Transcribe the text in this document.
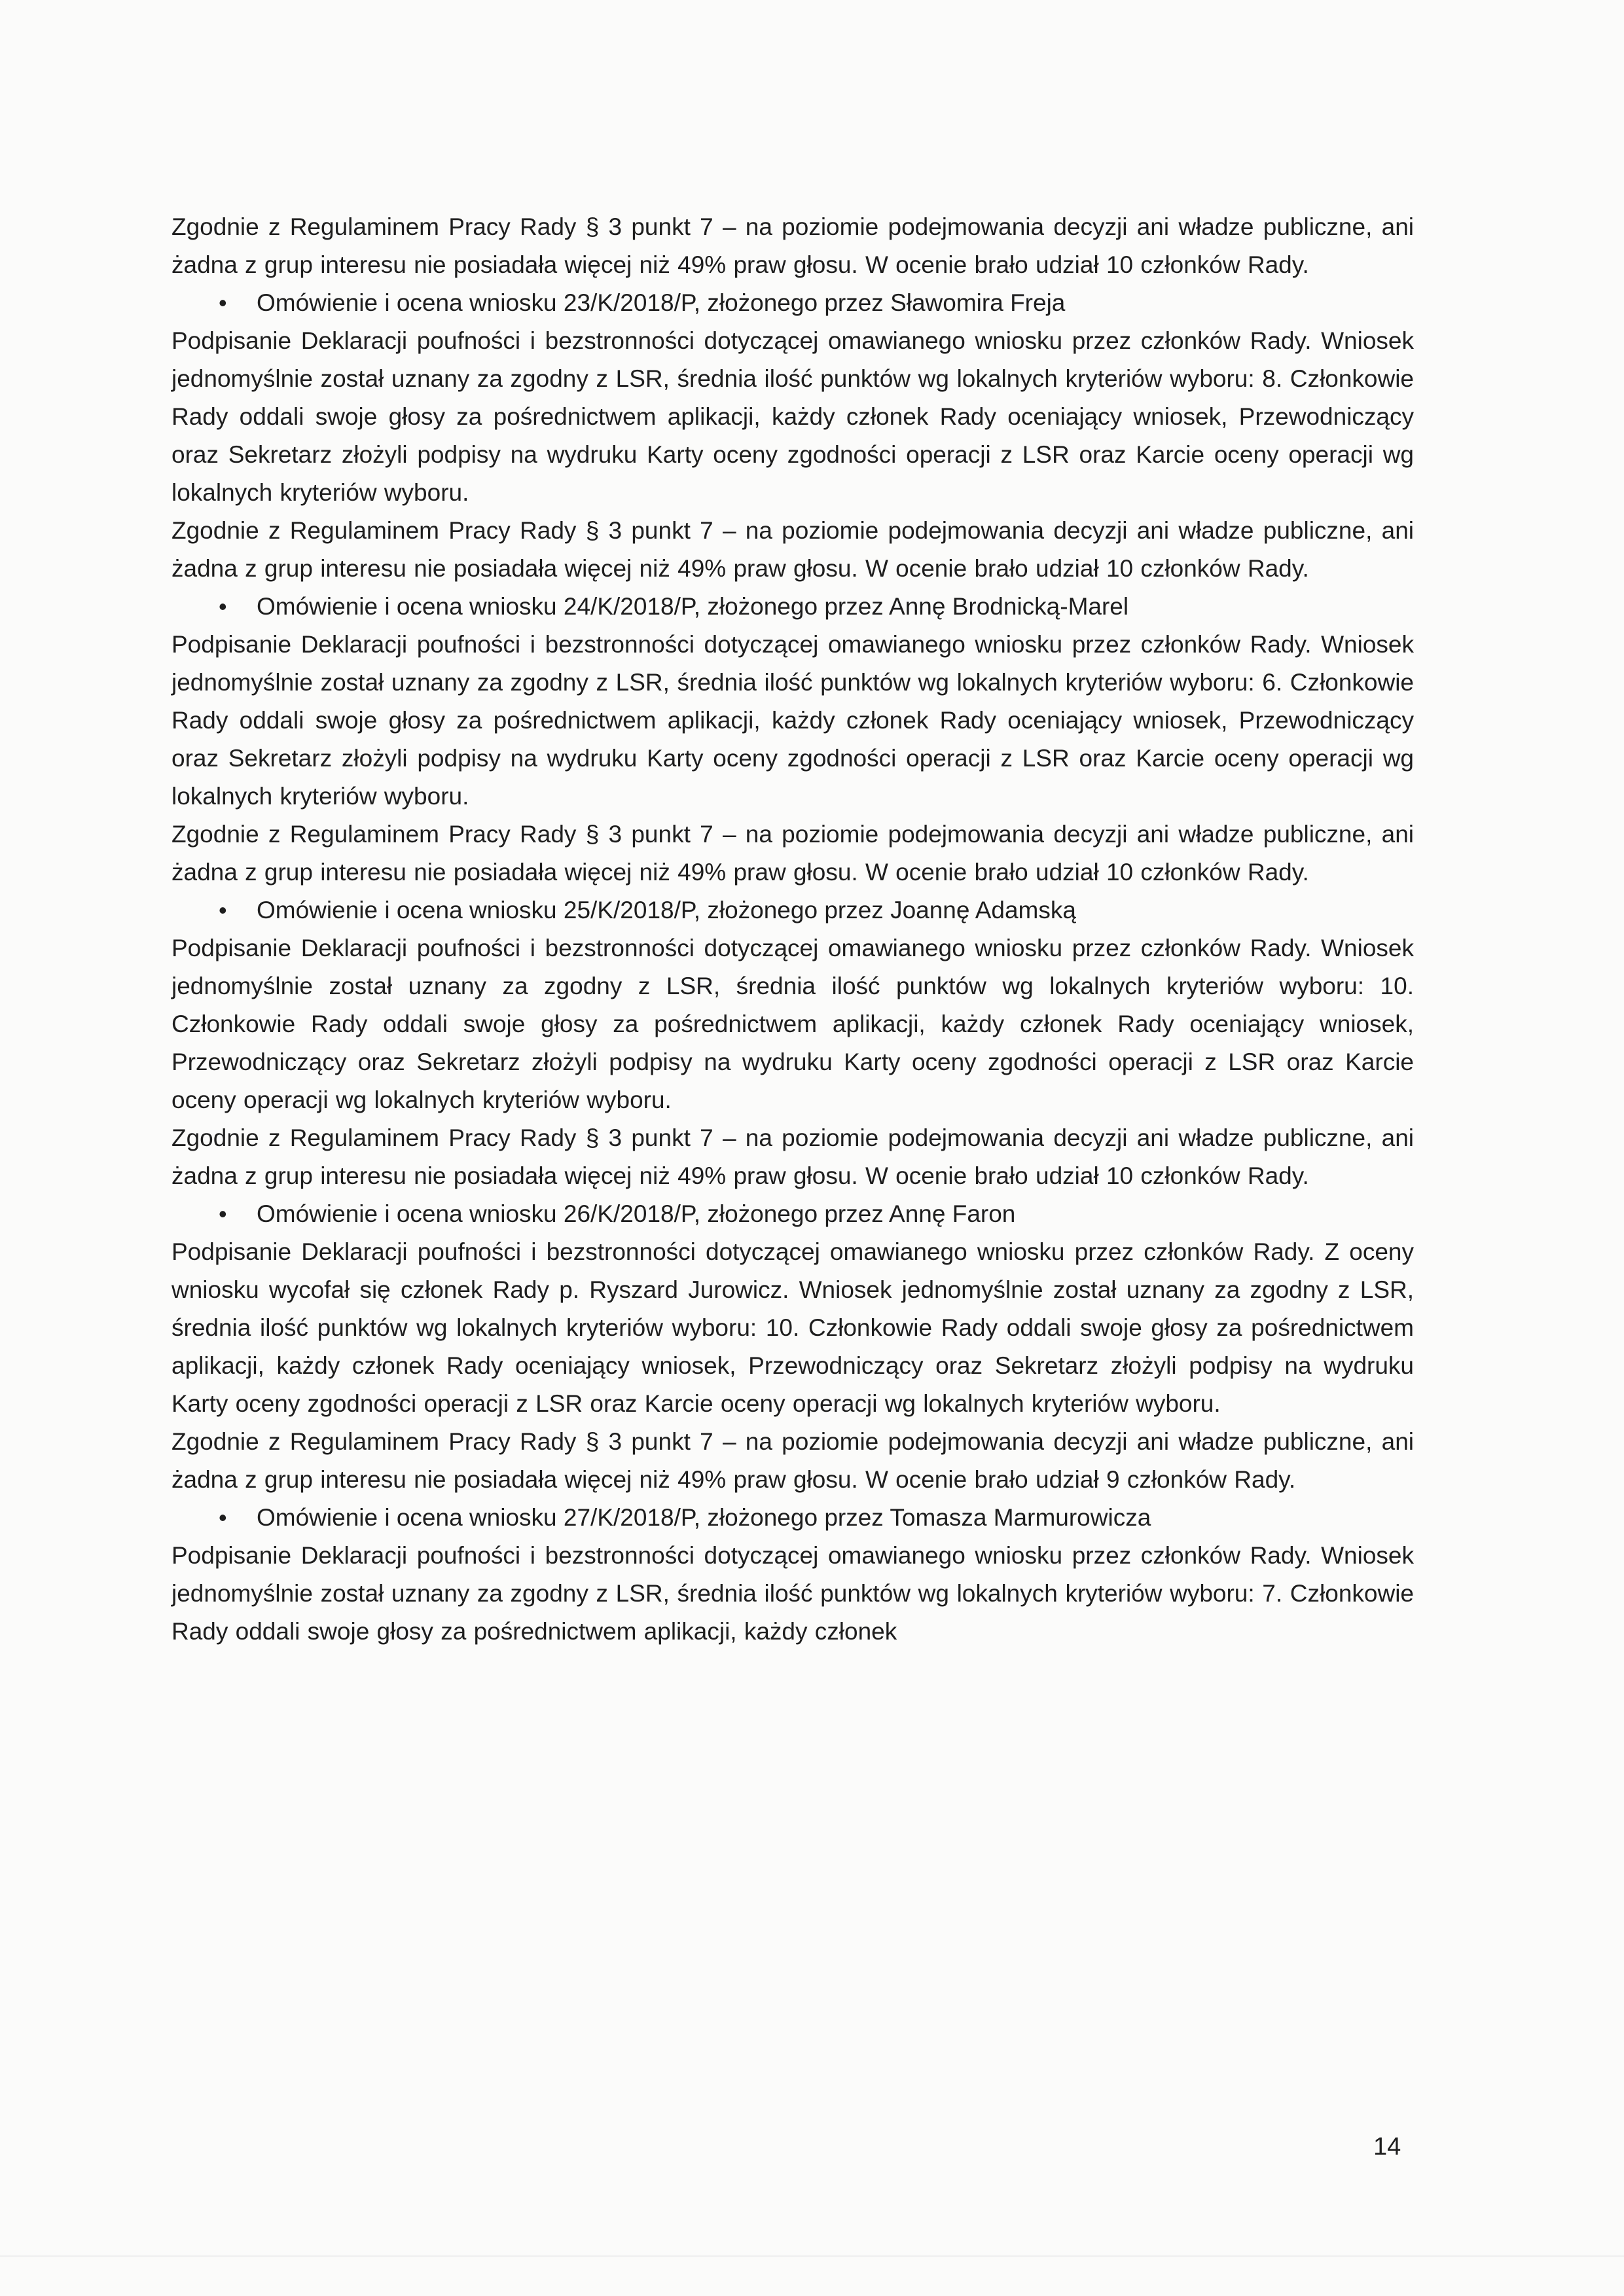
Zgodnie z Regulaminem Pracy Rady § 3 punkt 7 – na poziomie podejmowania decyzji ani władze publiczne, ani żadna z grup interesu nie posiadała więcej niż 49% praw głosu. W ocenie brało udział 10 członków Rady.

•	Omówienie i ocena wniosku 23/K/2018/P, złożonego przez Sławomira Freja

Podpisanie Deklaracji poufności i bezstronności dotyczącej omawianego wniosku przez członków Rady. Wniosek jednomyślnie został uznany za zgodny z LSR, średnia ilość punktów wg lokalnych kryteriów wyboru: 8. Członkowie Rady oddali swoje głosy za pośrednictwem aplikacji, każdy członek Rady oceniający wniosek, Przewodniczący oraz Sekretarz złożyli podpisy na wydruku Karty oceny zgodności operacji z LSR oraz Karcie oceny operacji wg lokalnych kryteriów wyboru.

Zgodnie z Regulaminem Pracy Rady § 3 punkt 7 – na poziomie podejmowania decyzji ani władze publiczne, ani żadna z grup interesu nie posiadała więcej niż 49% praw głosu. W ocenie brało udział 10 członków Rady.

•	Omówienie i ocena wniosku 24/K/2018/P, złożonego przez Annę Brodnicką-Marel

Podpisanie Deklaracji poufności i bezstronności dotyczącej omawianego wniosku przez członków Rady. Wniosek jednomyślnie został uznany za zgodny z LSR, średnia ilość punktów wg lokalnych kryteriów wyboru: 6. Członkowie Rady oddali swoje głosy za pośrednictwem aplikacji, każdy członek Rady oceniający wniosek, Przewodniczący oraz Sekretarz złożyli podpisy na wydruku Karty oceny zgodności operacji z LSR oraz Karcie oceny operacji wg lokalnych kryteriów wyboru.

Zgodnie z Regulaminem Pracy Rady § 3 punkt 7 – na poziomie podejmowania decyzji ani władze publiczne, ani żadna z grup interesu nie posiadała więcej niż 49% praw głosu. W ocenie brało udział 10 członków Rady.

•	Omówienie i ocena wniosku 25/K/2018/P, złożonego przez Joannę Adamską

Podpisanie Deklaracji poufności i bezstronności dotyczącej omawianego wniosku przez członków Rady. Wniosek jednomyślnie został uznany za zgodny z LSR, średnia ilość punktów wg lokalnych kryteriów wyboru: 10. Członkowie Rady oddali swoje głosy za pośrednictwem aplikacji, każdy członek Rady oceniający wniosek, Przewodniczący oraz Sekretarz złożyli podpisy na wydruku Karty oceny zgodności operacji z LSR oraz Karcie oceny operacji wg lokalnych kryteriów wyboru.

Zgodnie z Regulaminem Pracy Rady § 3 punkt 7 – na poziomie podejmowania decyzji ani władze publiczne, ani żadna z grup interesu nie posiadała więcej niż 49% praw głosu. W ocenie brało udział 10 członków Rady.

•	Omówienie i ocena wniosku 26/K/2018/P, złożonego przez Annę Faron

Podpisanie Deklaracji poufności i bezstronności dotyczącej omawianego wniosku przez członków Rady. Z oceny wniosku wycofał się członek Rady p. Ryszard Jurowicz. Wniosek jednomyślnie został uznany za zgodny z LSR, średnia ilość punktów wg lokalnych kryteriów wyboru: 10. Członkowie Rady oddali swoje głosy za pośrednictwem aplikacji, każdy członek Rady oceniający wniosek, Przewodniczący oraz Sekretarz złożyli podpisy na wydruku Karty oceny zgodności operacji z LSR oraz Karcie oceny operacji wg lokalnych kryteriów wyboru.

Zgodnie z Regulaminem Pracy Rady § 3 punkt 7 – na poziomie podejmowania decyzji ani władze publiczne, ani żadna z grup interesu nie posiadała więcej niż 49% praw głosu. W ocenie brało udział 9 członków Rady.

•	Omówienie i ocena wniosku 27/K/2018/P, złożonego przez Tomasza Marmurowicza

Podpisanie Deklaracji poufności i bezstronności dotyczącej omawianego wniosku przez członków Rady. Wniosek jednomyślnie został uznany za zgodny z LSR, średnia ilość punktów wg lokalnych kryteriów wyboru: 7. Członkowie Rady oddali swoje głosy za pośrednictwem aplikacji, każdy członek

14
